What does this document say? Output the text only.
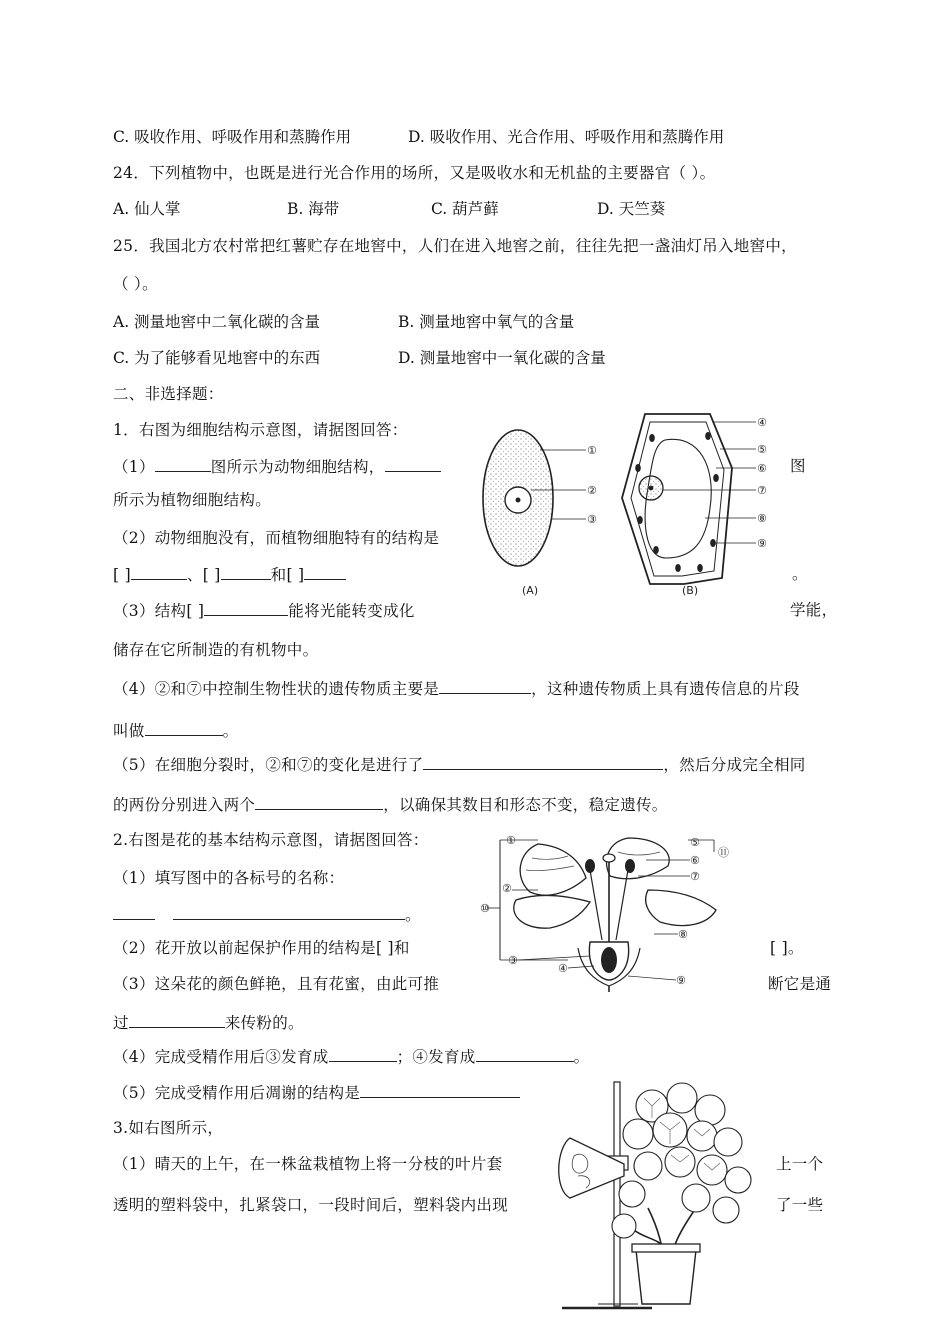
C. 吸收作用、呼吸作用和蒸腾作用	D. 吸收作用、光合作用、呼吸作用和蒸腾作用
24．下列植物中，也既是进行光合作用的场所，又是吸收水和无机盐的主要器官（ ）。
A. 仙人掌	B. 海带	C. 葫芦藓	D. 天竺葵
25．我国北方农村常把红薯贮存在地窖中，人们在进入地窖之前，往往先把一盏油灯吊入地窖中，
（ ）。
A. 测量地窖中二氧化碳的含量	B. 测量地窖中氧气的含量
C. 为了能够看见地窖中的东西	D. 测量地窖中一氧化碳的含量
二、非选择题：
1．右图为细胞结构示意图，请据图回答：
（1）	图所示为动物细胞结构，	图
所示为植物细胞结构。
（2）动物细胞没有，而植物细胞特有的结构是
[ ]	、[ ]	和[ ]	。
（3）结构[ ]	能将光能转变成化	学能，
储存在它所制造的有机物中。
（4）②和⑦中控制生物性状的遗传物质主要是	，这种遗传物质上具有遗传信息的片段
叫做	。
（5）在细胞分裂时，②和⑦的变化是进行了	，然后分成完全相同
的两份分别进入两个	，以确保其数目和形态不变，稳定遗传。
①
②
③
(A)
④
⑤
⑥
⑦
⑧
⑨
(B)
2.右图是花的基本结构示意图，请据图回答：
（1）填写图中的各标号的名称：
。
（2）花开放以前起保护作用的结构是[ ]和	[ ]。
（3）这朵花的颜色鲜艳，且有花蜜，由此可推	断它是通
过	来传粉的。
（4）完成受精作用后③发育成	；④发育成	。
（5）完成受精作用后凋谢的结构是
①
②
③
④
⑤
⑥
⑦
⑧
⑨
⑩
⑪
3.如右图所示，
（1）晴天的上午，在一株盆栽植物上将一分枝的叶片套	上一个
透明的塑料袋中，扎紧袋口，一段时间后，塑料袋内出现	了一些
